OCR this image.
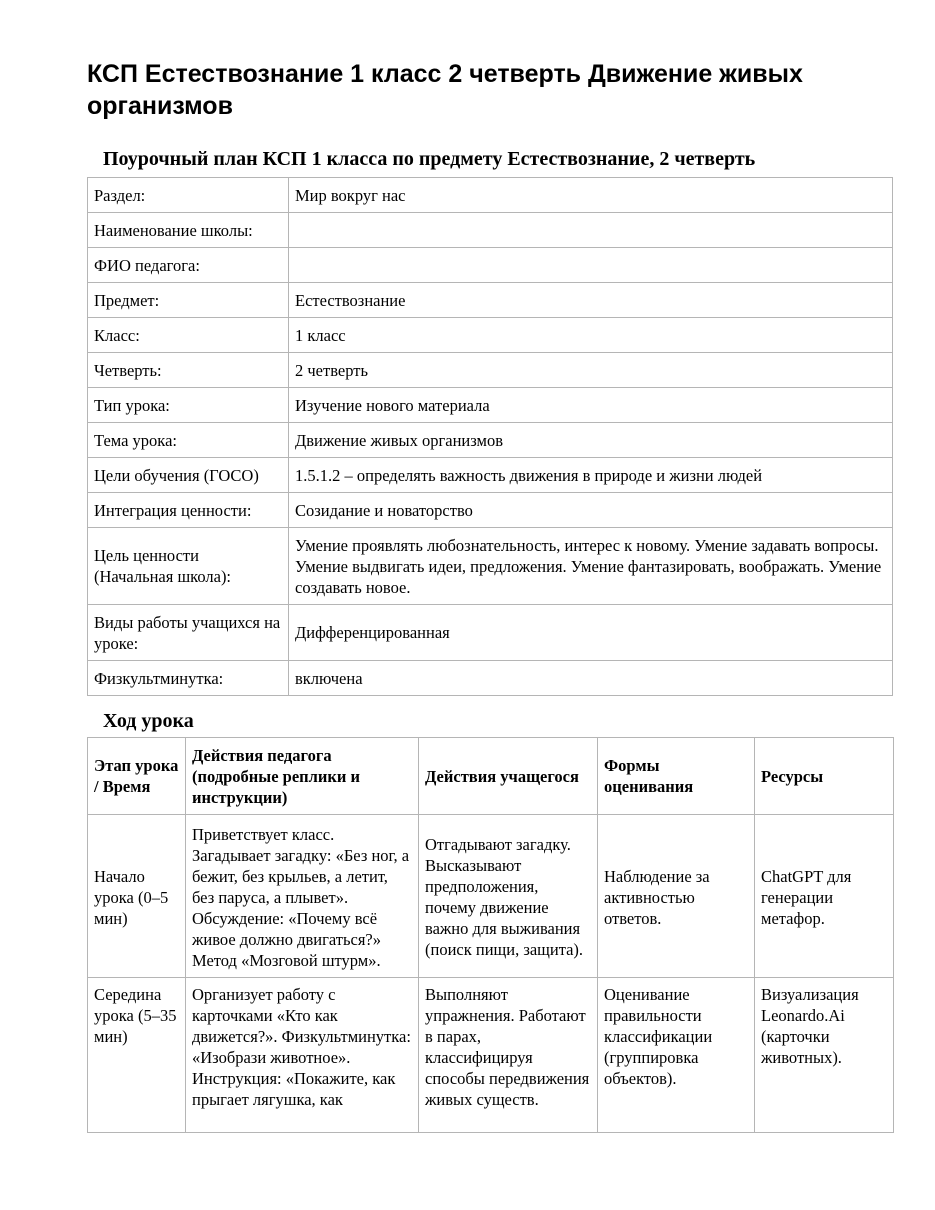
КСП Естествознание 1 класс 2 четверть Движение живых организмов
Поурочный план КСП 1 класса по предмету Естествознание, 2 четверть
Раздел:	Мир вокруг нас
Наименование школы:	
ФИО педагога:	
Предмет:	Естествознание
Класс:	1 класс
Четверть:	2 четверть
Тип урока:	Изучение нового материала
Тема урока:	Движение живых организмов
Цели обучения (ГОСО)	1.5.1.2 – определять важность движения в природе и жизни людей
Интеграция ценности:	Созидание и новаторство
Цель ценности (Начальная школа):	Умение проявлять любознательность, интерес к новому. Умение задавать вопросы. Умение выдвигать идеи, предложения. Умение фантазировать, воображать. Умение создавать новое.
Виды работы учащихся на уроке:	Дифференцированная
Физкультминутка:	включена
Ход урока
Этап урока / Время	Действия педагога (подробные реплики и инструкции)	Действия учащегося	Формы оценивания	Ресурсы
Начало урока (0–5 мин)	Приветствует класс. Загадывает загадку: «Без ног, а бежит, без крыльев, а летит, без паруса, а плывет». Обсуждение: «Почему всё живое должно двигаться?» Метод «Мозговой штурм».	Отгадывают загадку. Высказывают предположения, почему движение важно для выживания (поиск пищи, защита).	Наблюдение за активностью ответов.	ChatGPT для генерации метафор.
Середина урока (5–35 мин)	Организует работу с карточками «Кто как движется?». Физкультминутка: «Изобрази животное». Инструкция: «Покажите, как прыгает лягушка, как	Выполняют упражнения. Работают в парах, классифицируя способы передвижения живых существ.	Оценивание правильности классификации (группировка объектов).	Визуализация Leonardo.Ai (карточки животных).
